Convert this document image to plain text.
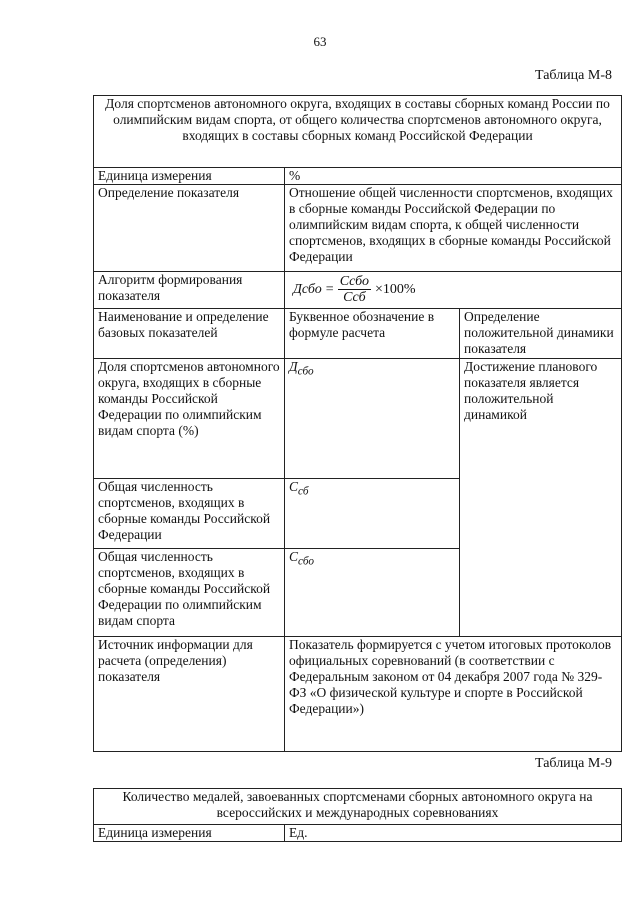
63
Таблица М-8
Доля спортсменов автономного округа, входящих в составы сборных команд России по олимпийским видам спорта, от общего количества спортсменов автономного округа, входящих в составы сборных команд Российской Федерации		
Единица измерения	%	
Определение показателя	Отношение общей численности спортсменов, входящих в сборные команды Российской Федерации по олимпийским видам спорта, к общей численности спортсменов, входящих в сборные команды Российской Федерации	
Алгоритм формирования показателя	Дсбо = $\frac{\text{Ссбо}}{\text{Ссб}} \times 100\%$	

Наименование и определение базовых показателей	Буквенное обозначение в формуле расчета	Определение положительной динамики показателя
Доля спортсменов автономного округа, входящих в сборные команды Российской Федерации по олимпийским видам спорта (%)	$Д_{сбо}$	Достижение планового показателя является положительной динамикой
Общая численность спортсменов, входящих в сборные команды Российской Федерации	$С_{сб}$
Общая численность спортсменов, входящих в сборные команды Российской Федерации по олимпийским видам спорта	$С_{сбо}$
Источник информации для расчета (определения) показателя	Показатель формируется с учетом итоговых протоколов официальных соревнований (в соответствии с Федеральным законом от 04 декабря 2007 года № 329-ФЗ «О физической культуре и спорте в Российской Федерации»)	
Таблица М-9
Количество медалей, завоеванных спортсменами сборных автономного округа на всероссийских и международных соревнованиях
Единица измерения	Ед.
